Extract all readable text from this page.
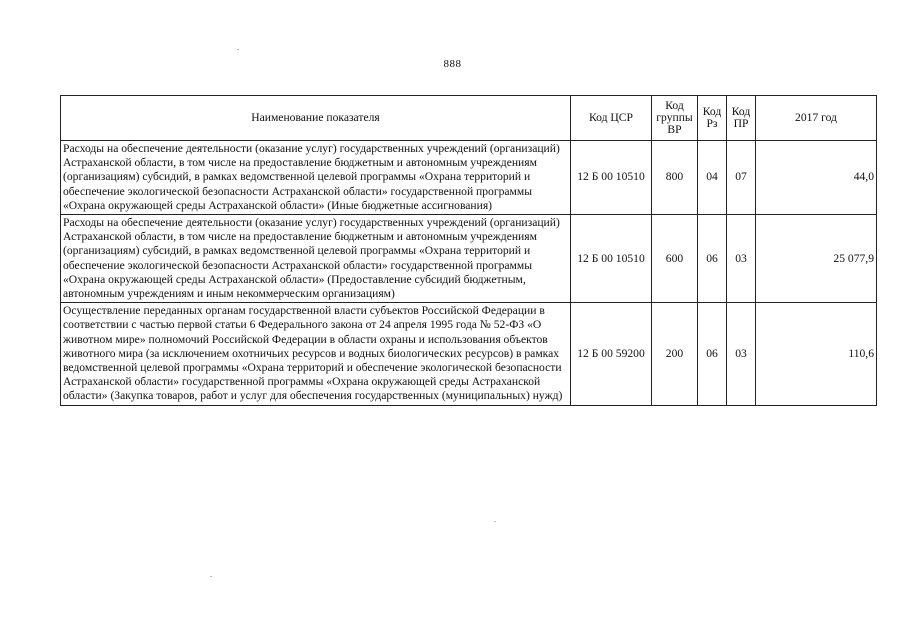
888
Наименование показателя	Код ЦСР	Код группы ВР	Код Рз	Код ПР	2017 год
Расходы на обеспечение деятельности (оказание услуг) государственных учреждений (организаций) Астраханской области, в том числе на предоставление бюджетным и автономным учреждениям (организациям) субсидий, в рамках ведомственной целевой программы «Охрана территорий и обеспечение экологической безопасности Астраханской области» государственной программы «Охрана окружающей среды Астраханской области» (Иные бюджетные ассигнования)	12 Б 00 10510	800	04	07	44,0
Расходы на обеспечение деятельности (оказание услуг) государственных учреждений (организаций) Астраханской области, в том числе на предоставление бюджетным и автономным учреждениям (организациям) субсидий, в рамках ведомственной целевой программы «Охрана территорий и обеспечение экологической безопасности Астраханской области» государственной программы «Охрана окружающей среды Астраханской области» (Предоставление субсидий бюджетным, автономным учреждениям и иным некоммерческим организациям)	12 Б 00 10510	600	06	03	25 077,9
Осуществление переданных органам государственной власти субъектов Российской Федерации в соответствии с частью первой статьи 6 Федерального закона от 24 апреля 1995 года № 52-ФЗ «О животном мире» полномочий Российской Федерации в области охраны и использования объектов животного мира (за исключением охотничьих ресурсов и водных биологических ресурсов) в рамках ведомственной целевой программы «Охрана территорий и обеспечение экологической безопасности Астраханской области» государственной программы «Охрана окружающей среды Астраханской области» (Закупка товаров, работ и услуг для обеспечения государственных (муниципальных) нужд)	12 Б 00 59200	200	06	03	110,6
